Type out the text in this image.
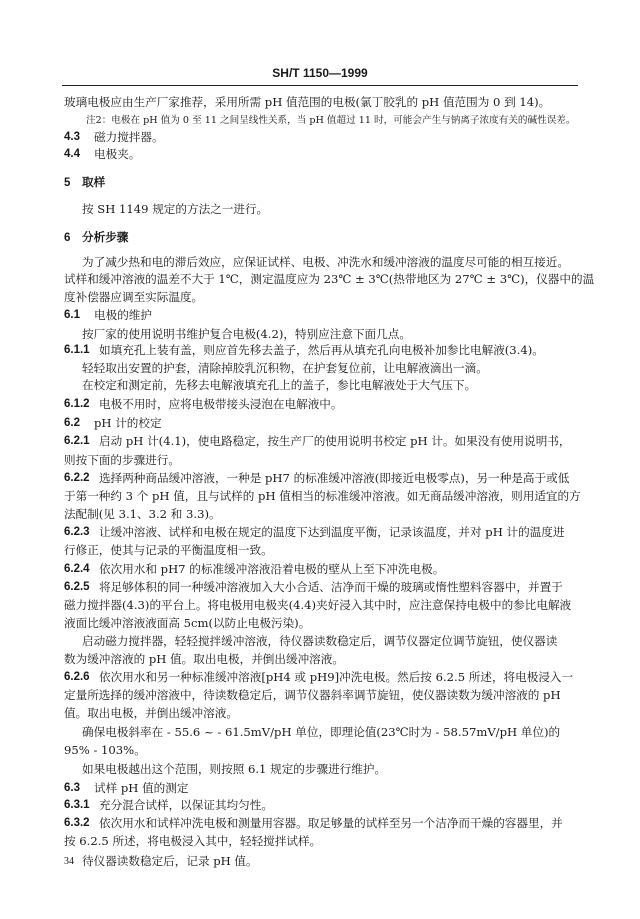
SH/T 1150—1999
玻璃电极应由生产厂家推荐，采用所需 pH 值范围的电极(氯丁胶乳的 pH 值范围为 0 到 14)。
注2：电极在 pH 值为 0 至 11 之间呈线性关系，当 pH 值超过 11 时，可能会产生与钠离子浓度有关的碱性误差。
4.3 磁力搅拌器。
4.4 电极夹。
5 取样
按 SH 1149 规定的方法之一进行。
6 分析步骤
为了减少热和电的滞后效应，应保证试样、电极、冲洗水和缓冲溶液的温度尽可能的相互接近。
试样和缓冲溶液的温差不大于 1℃，测定温度应为 23℃ ± 3℃(热带地区为 27℃ ± 3℃)，仪器中的温
度补偿器应调至实际温度。
6.1 电极的维护
按厂家的使用说明书维护复合电极(4.2)，特别应注意下面几点。
6.1.1 如填充孔上装有盖，则应首先移去盖子，然后再从填充孔向电极补加参比电解液(3.4)。
轻轻取出安置的护套，清除掉胶乳沉积物，在护套复位前，让电解液滴出一滴。
在校定和测定前，先移去电解液填充孔上的盖子，参比电解液处于大气压下。
6.1.2 电极不用时，应将电极带接头浸泡在电解液中。
6.2 pH 计的校定
6.2.1 启动 pH 计(4.1)，使电路稳定，按生产厂的使用说明书校定 pH 计。如果没有使用说明书，
则按下面的步骤进行。
6.2.2 选择两种商品缓冲溶液，一种是 pH7 的标准缓冲溶液(即接近电极零点)，另一种是高于或低
于第一种约 3 个 pH 值，且与试样的 pH 值相当的标准缓冲溶液。如无商品缓冲溶液，则用适宜的方
法配制(见 3.1、3.2 和 3.3)。
6.2.3 让缓冲溶液、试样和电极在规定的温度下达到温度平衡，记录该温度，并对 pH 计的温度进
行修正，使其与记录的平衡温度相一致。
6.2.4 依次用水和 pH7 的标准缓冲溶液沿着电极的壁从上至下冲洗电极。
6.2.5 将足够体积的同一种缓冲溶液加入大小合适、洁净而干燥的玻璃或惰性塑料容器中，并置于
磁力搅拌器(4.3)的平台上。将电极用电极夹(4.4)夹好浸入其中时，应注意保持电极中的参比电解液
液面比缓冲溶液液面高 5cm(以防止电极污染)。
启动磁力搅拌器，轻轻搅拌缓冲溶液，待仪器读数稳定后，调节仪器定位调节旋钮，使仪器读
数为缓冲溶液的 pH 值。取出电极，并倒出缓冲溶液。
6.2.6 依次用水和另一种标准缓冲溶液[pH4 或 pH9]冲洗电极。然后按 6.2.5 所述，将电极浸入一
定量所选择的缓冲溶液中，待读数稳定后，调节仪器斜率调节旋钮，使仪器读数为缓冲溶液的 pH
值。取出电极，并倒出缓冲溶液。
确保电极斜率在 - 55.6 ~ - 61.5mV/pH 单位，即理论值(23℃时为 - 58.57mV/pH 单位)的
95% - 103%。
如果电极越出这个范围，则按照 6.1 规定的步骤进行维护。
6.3 试样 pH 值的测定
6.3.1 充分混合试样，以保证其均匀性。
6.3.2 依次用水和试样冲洗电极和测量用容器。取足够量的试样至另一个洁净而干燥的容器里，并
按 6.2.5 所述，将电极浸入其中，轻轻搅拌试样。
待仪器读数稳定后，记录 pH 值。
34
